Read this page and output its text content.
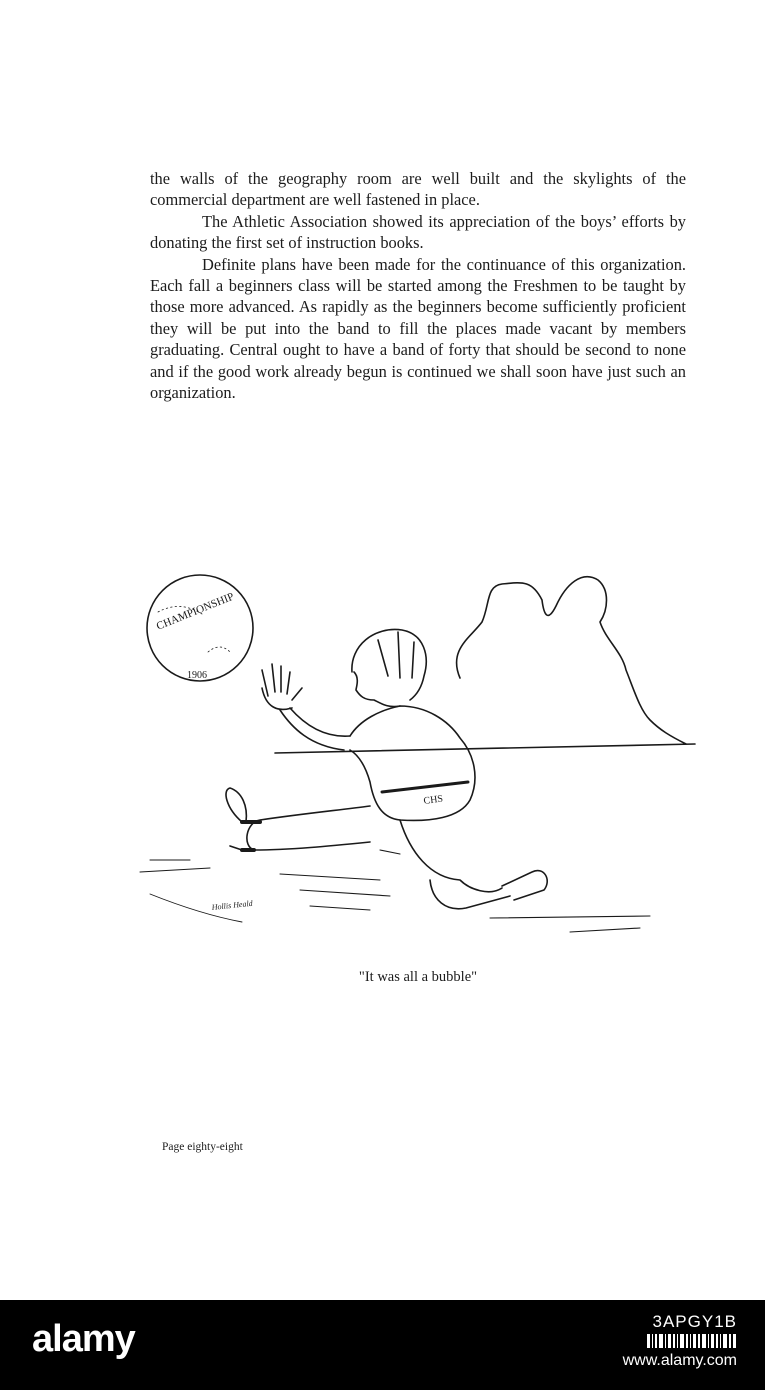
the walls of the geography room are well built and the skylights of the commercial department are well fastened in place.

The Athletic Association showed its appreciation of the boys’ efforts by donating the first set of instruction books.

Definite plans have been made for the continuance of this organization. Each fall a beginners class will be started among the Freshmen to be taught by those more advanced. As rapidly as the beginners become sufficiently proficient they will be put into the band to fill the places made vacant by members graduating. Central ought to have a band of forty that should be second to none and if the good work already begun is continued we shall soon have just such an organization.

CHAMPIONSHIP
1906
CHS
Hollis Heald
"It was all a bubble"
Page eighty-eight
alamy	3APGY1B
www.alamy.com
